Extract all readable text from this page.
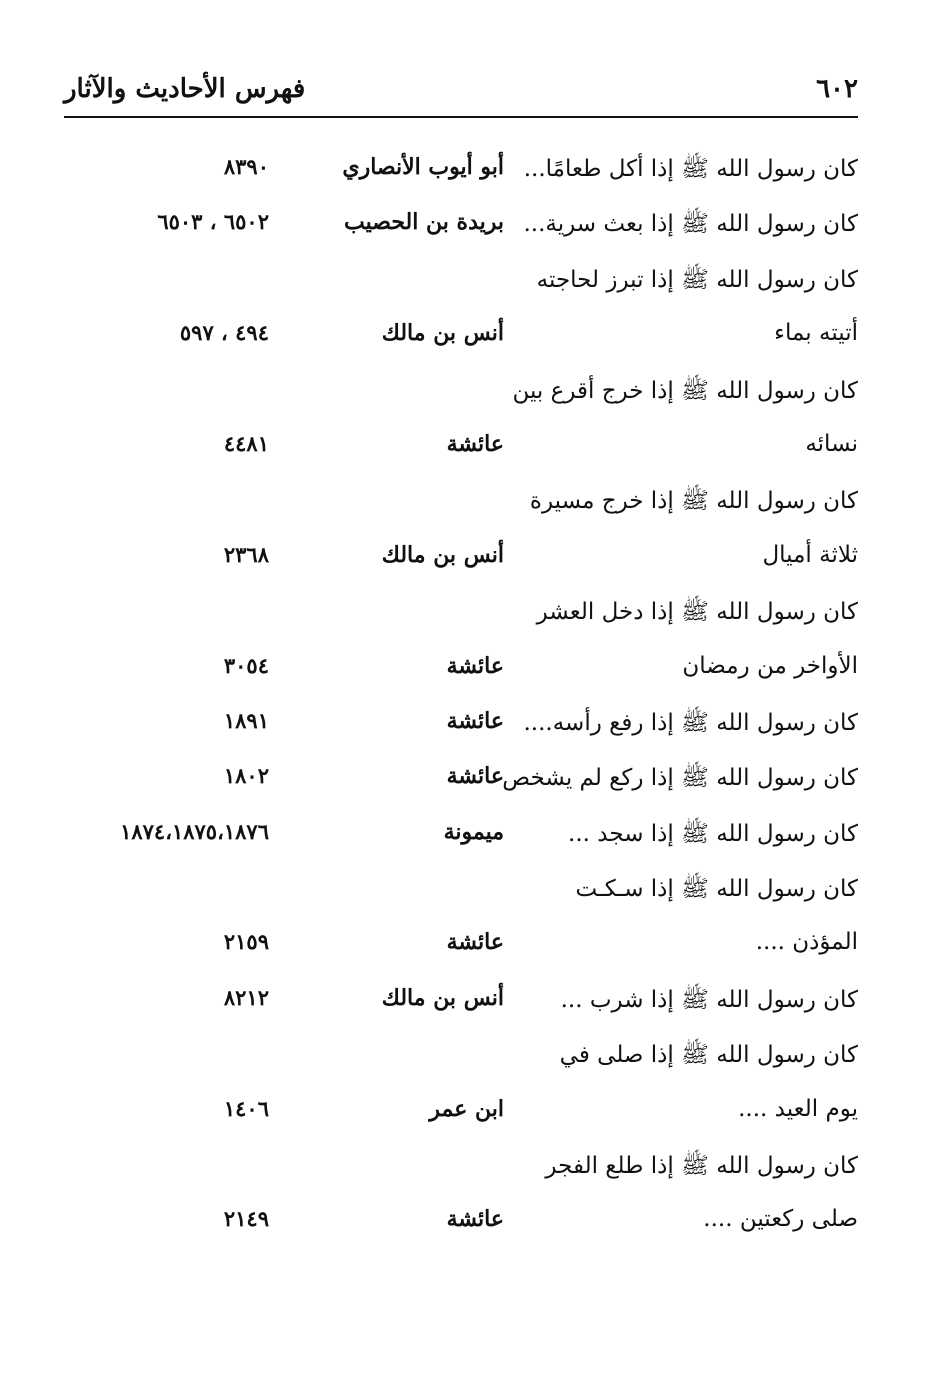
٦٠٢
فهرس الأحاديث والآثار
كان رسول الله ﷺ إذا أكل طعامًا...
أبو أيوب الأنصاري
٨٣٩٠
كان رسول الله ﷺ إذا بعث سرية...
بريدة بن الحصيب
٦٥٠٢ ، ٦٥٠٣
كان رسول الله ﷺ إذا تبرز لحاجته
أتيته بماء
أنس بن مالك
٤٩٤ ، ٥٩٧
كان رسول الله ﷺ إذا خرج أقرع بين
نسائه
عائشة
٤٤٨١
كان رسول الله ﷺ إذا خرج مسيرة
ثلاثة أميال
أنس بن مالك
٢٣٦٨
كان رسول الله ﷺ إذا دخل العشر
الأواخر من رمضان
عائشة
٣٠٥٤
كان رسول الله ﷺ إذا رفع رأسه....
عائشة
١٨٩١
كان رسول الله ﷺ إذا ركع لم يشخص
عائشة
١٨٠٢
كان رسول الله ﷺ إذا سجد ...
ميمونة
١٨٧٤،١٨٧٥،١٨٧٦
كان رسول الله ﷺ إذا سـكـت
المؤذن ....
عائشة
٢١٥٩
كان رسول الله ﷺ إذا شرب ...
أنس بن مالك
٨٢١٢
كان رسول الله ﷺ إذا صلى في
يوم العيد ....
ابن عمر
١٤٠٦
كان رسول الله ﷺ إذا طلع الفجر
صلى ركعتين ....
عائشة
٢١٤٩
